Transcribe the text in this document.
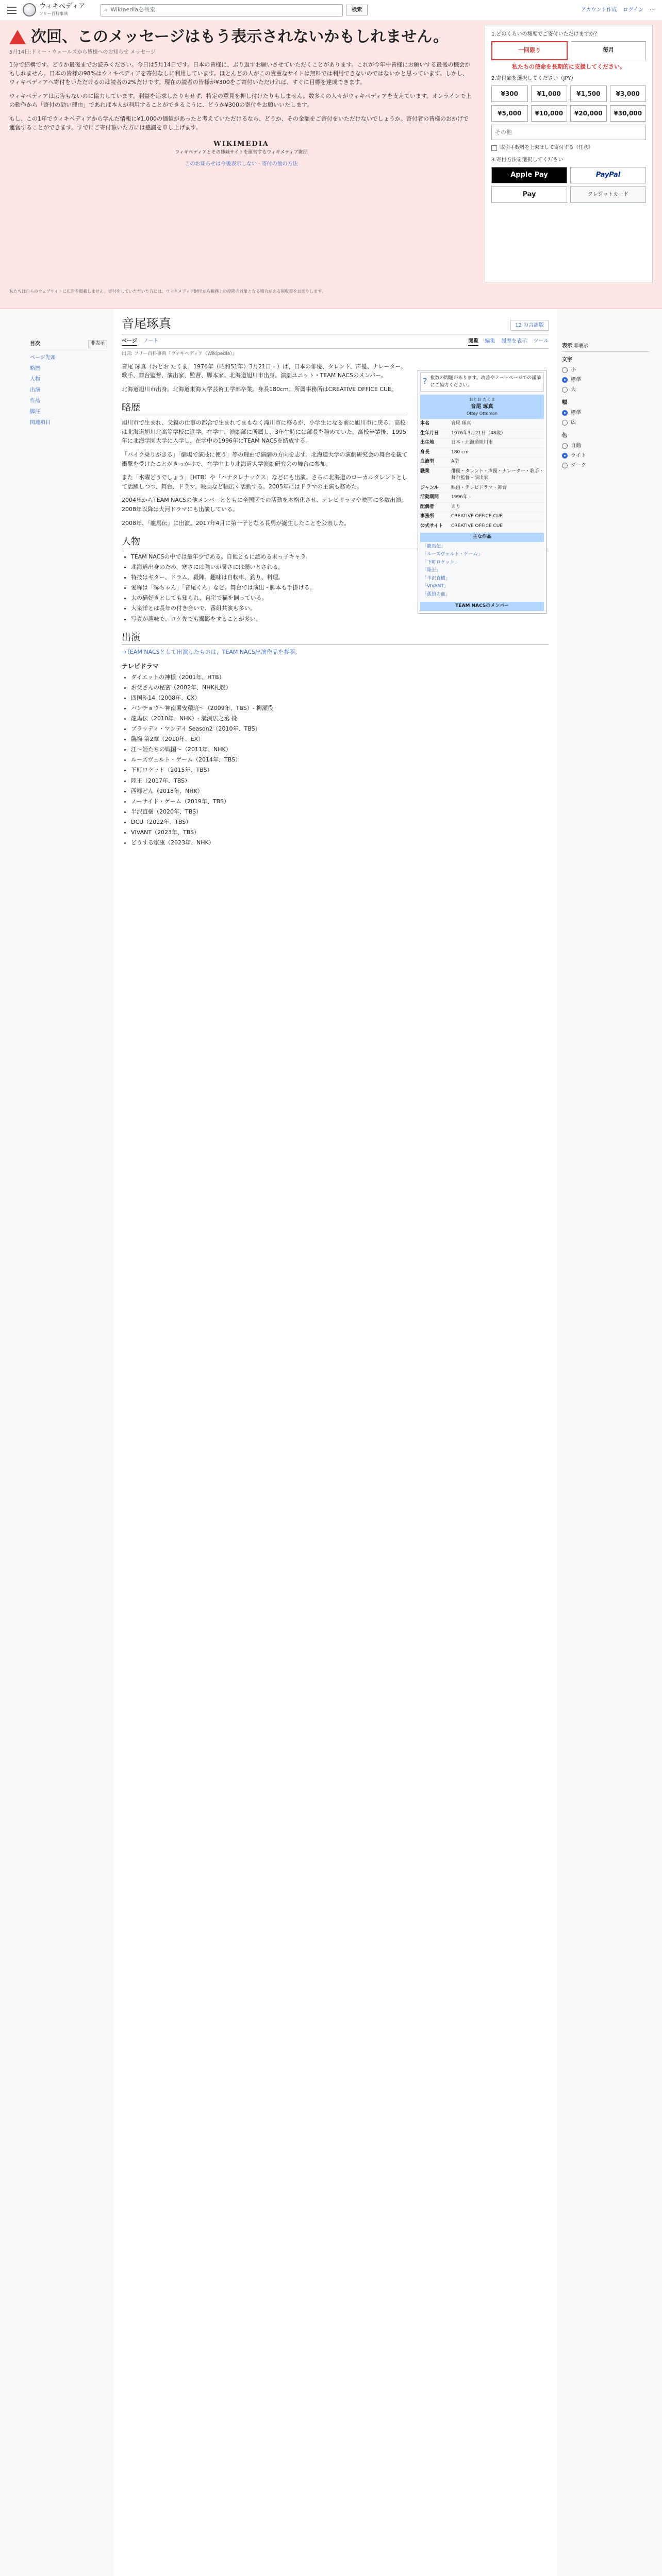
ウィキペディア
フリー百科事典
⌕ Wikipediaを検索	検索	アカウント作成 ログイン ⋯
次回、このメッセージはもう表示されないかもしれません。
5月14日:ドミー・ウェールズから皆様へのお知らせ メッセージ

1分で結構です。どうか最後までお読みください。今日は5月14日です。日本の皆様に、ぶり返すお願いさせていただくことがあります。これが今年中皆様にお願いする最後の機会かもしれません。日本の皆様の98%はウィキペディアを寄付なしに利用しています。ほとんどの人がこの貴重なサイトは無料では利用できないのではないかと思っています。しかし、ウィキペディアへ寄付をいただけるのは読者の2%だけです。現在の読者の皆様が¥300をご寄付いただければ、すぐに目標を達成できます。

ウィキペディアは広告もないのに協力しています。利益を追求したりもせず、特定の意見を押し付けたりもしません。数多くの人々がウィキペディアを支えています。オンラインで上の動作から「寄付の効い理由」であれば本人が利用することができるように、どうか¥300の寄付をお願いいたします。

もし、この1年でウィキペディアから学んだ情報に¥1,000の価値があったと考えていただけるなら、どうか、その金額をご寄付をいただけないでしょうか。寄付者の皆様のおかげで運営することができます。すでにご寄付頂いた方には感謝を申し上げます。

WIKIMEDIA
ウィキペディアとその姉妹サイトを運営するウィキメディア財団
このお知らせは今後表示しない · 寄付の他の方法
1.どのくらいの頻度でご寄付いただけますか？
一回限り	毎月
私たちの使命を長期的に支援してください。
2.寄付額を選択してください（JPY）
¥300	¥1,000	¥1,500	¥3,000
¥5,000	¥10,000	¥20,000	¥30,000
その他
取引手数料を上乗せして寄付する（任意）
3.寄付方法を選択してください
Apple Pay	PayPal
Pay	クレジットカード
私たちは自らのウェブサイトに広告を掲載しません。寄付をしていただいた方には、ウィキメディア財団から税務上の控除の対象となる場合がある領収書をお送りします。
目次	非表示
ページ先頭
略歴
人物
出演
作品
脚注
関連項目
音尾琢真	12 の言語版
ページ ノート	閲覧 編集 履歴を表示 ツール
出典: フリー百科事典『ウィキペディア（Wikipedia）』

音尾 琢真（おとお たくま、1976年（昭和51年）3月21日 - ）は、日本の俳優、タレント、声優、ナレーター。歌手、舞台監督、演出家、監督、脚本家。北海道旭川市出身。演劇ユニット・TEAM NACSのメンバー。

北海道旭川市出身。北海道東海大学芸術工学部卒業。身長180cm。所属事務所はCREATIVE OFFICE CUE。

略歴

旭川市で生まれ、父親の仕事の都合で生まれてまもなく滝川市に移るが、小学生になる前に旭川市に戻る。高校は北海道旭川北高等学校に進学。在学中、演劇部に所属し、3年生時には部長を務めていた。高校卒業後、1995年に北海学園大学に入学し、在学中の1996年にTEAM NACSを結成する。

「バイク乗りがきる」「劇場で演技に使う」等の理由で演劇の方向を志す。北海道大学の演劇研究会の舞台を観て衝撃を受けたことがきっかけで、在学中より北海道大学演劇研究会の舞台に参加。

また「水曜どうでしょう」（HTB）や「ハナタレナックス」などにも出演。さらに北海道のローカルタレントとして活躍しつつ、舞台、ドラマ、映画など幅広く活動する。2005年にはドラマの主演も務めた。

2004年からTEAM NACSの他メンバーとともに全国区での活動を本格化させ、テレビドラマや映画に多数出演。2008年以降は大河ドラマにも出演している。

2008年、「龍馬伝」に出演。2017年4月に第一子となる長男が誕生したことを公表した。

人物
• TEAM NACSの中では最年少である。自他ともに認める末っ子キャラ。
• 北海道出身のため、寒さには強いが暑さには弱いとされる。
• 特技はギター、ドラム、殺陣。趣味は自転車、釣り、料理。
• 愛称は「琢ちゃん」「音尾くん」など。舞台では演出・脚本も手掛ける。
• 大の猫好きとしても知られ、自宅で猫を飼っている。
• 大泉洋とは長年の付き合いで、番組共演も多い。
• 写真が趣味で、ロケ先でも撮影をすることが多い。
出演

→TEAM NACSとして出演したものは、TEAM NACS出演作品を参照。

テレビドラマ
• ダイエットの神様（2001年、HTB）
• お父さんの秘密（2002年、NHK札幌）
• 四国R-14（2008年、CX）
• ハンチョウ〜神南署安積班〜（2009年、TBS）- 柳瀬役
• 龍馬伝（2010年、NHK）- 溝渕広之丞 役
• ブラッディ・マンデイ Season2（2010年、TBS）
• 臨場 第2章（2010年、EX）
• 江〜姫たちの戦国〜（2011年、NHK）
• ルーズヴェルト・ゲーム（2014年、TBS）
• 下町ロケット（2015年、TBS）
• 陸王（2017年、TBS）
• 西郷どん（2018年、NHK）
• ノーサイド・ゲーム（2019年、TBS）
• 半沢直樹（2020年、TBS）
• DCU（2022年、TBS）
• VIVANT（2023年、TBS）
• どうする家康（2023年、NHK）
? 複数の問題があります。改善やノートページでの議論にご協力ください。
おとお たくま
音尾 琢真
Ottey Ottomon
本名	音尾 琢真
生年月日	1976年3月21日（48歳）
出生地	日本・北海道旭川市
身長	180 cm
血液型	A型
職業	俳優・タレント・声優・ナレーター・歌手・舞台監督・演出家
ジャンル	映画・テレビドラマ・舞台
活動期間	1996年 -
配偶者	あり
事務所	CREATIVE OFFICE CUE
公式サイト	CREATIVE OFFICE CUE
主な作品
「龍馬伝」
「ルーズヴェルト・ゲーム」
「下町ロケット」
「陸王」
「半沢直樹」
「VIVANT」
「孤狼の血」
TEAM NACSのメンバー
表示 非表示
文字
小
標準
大
幅
標準
広
色
自動
ライト
ダーク
